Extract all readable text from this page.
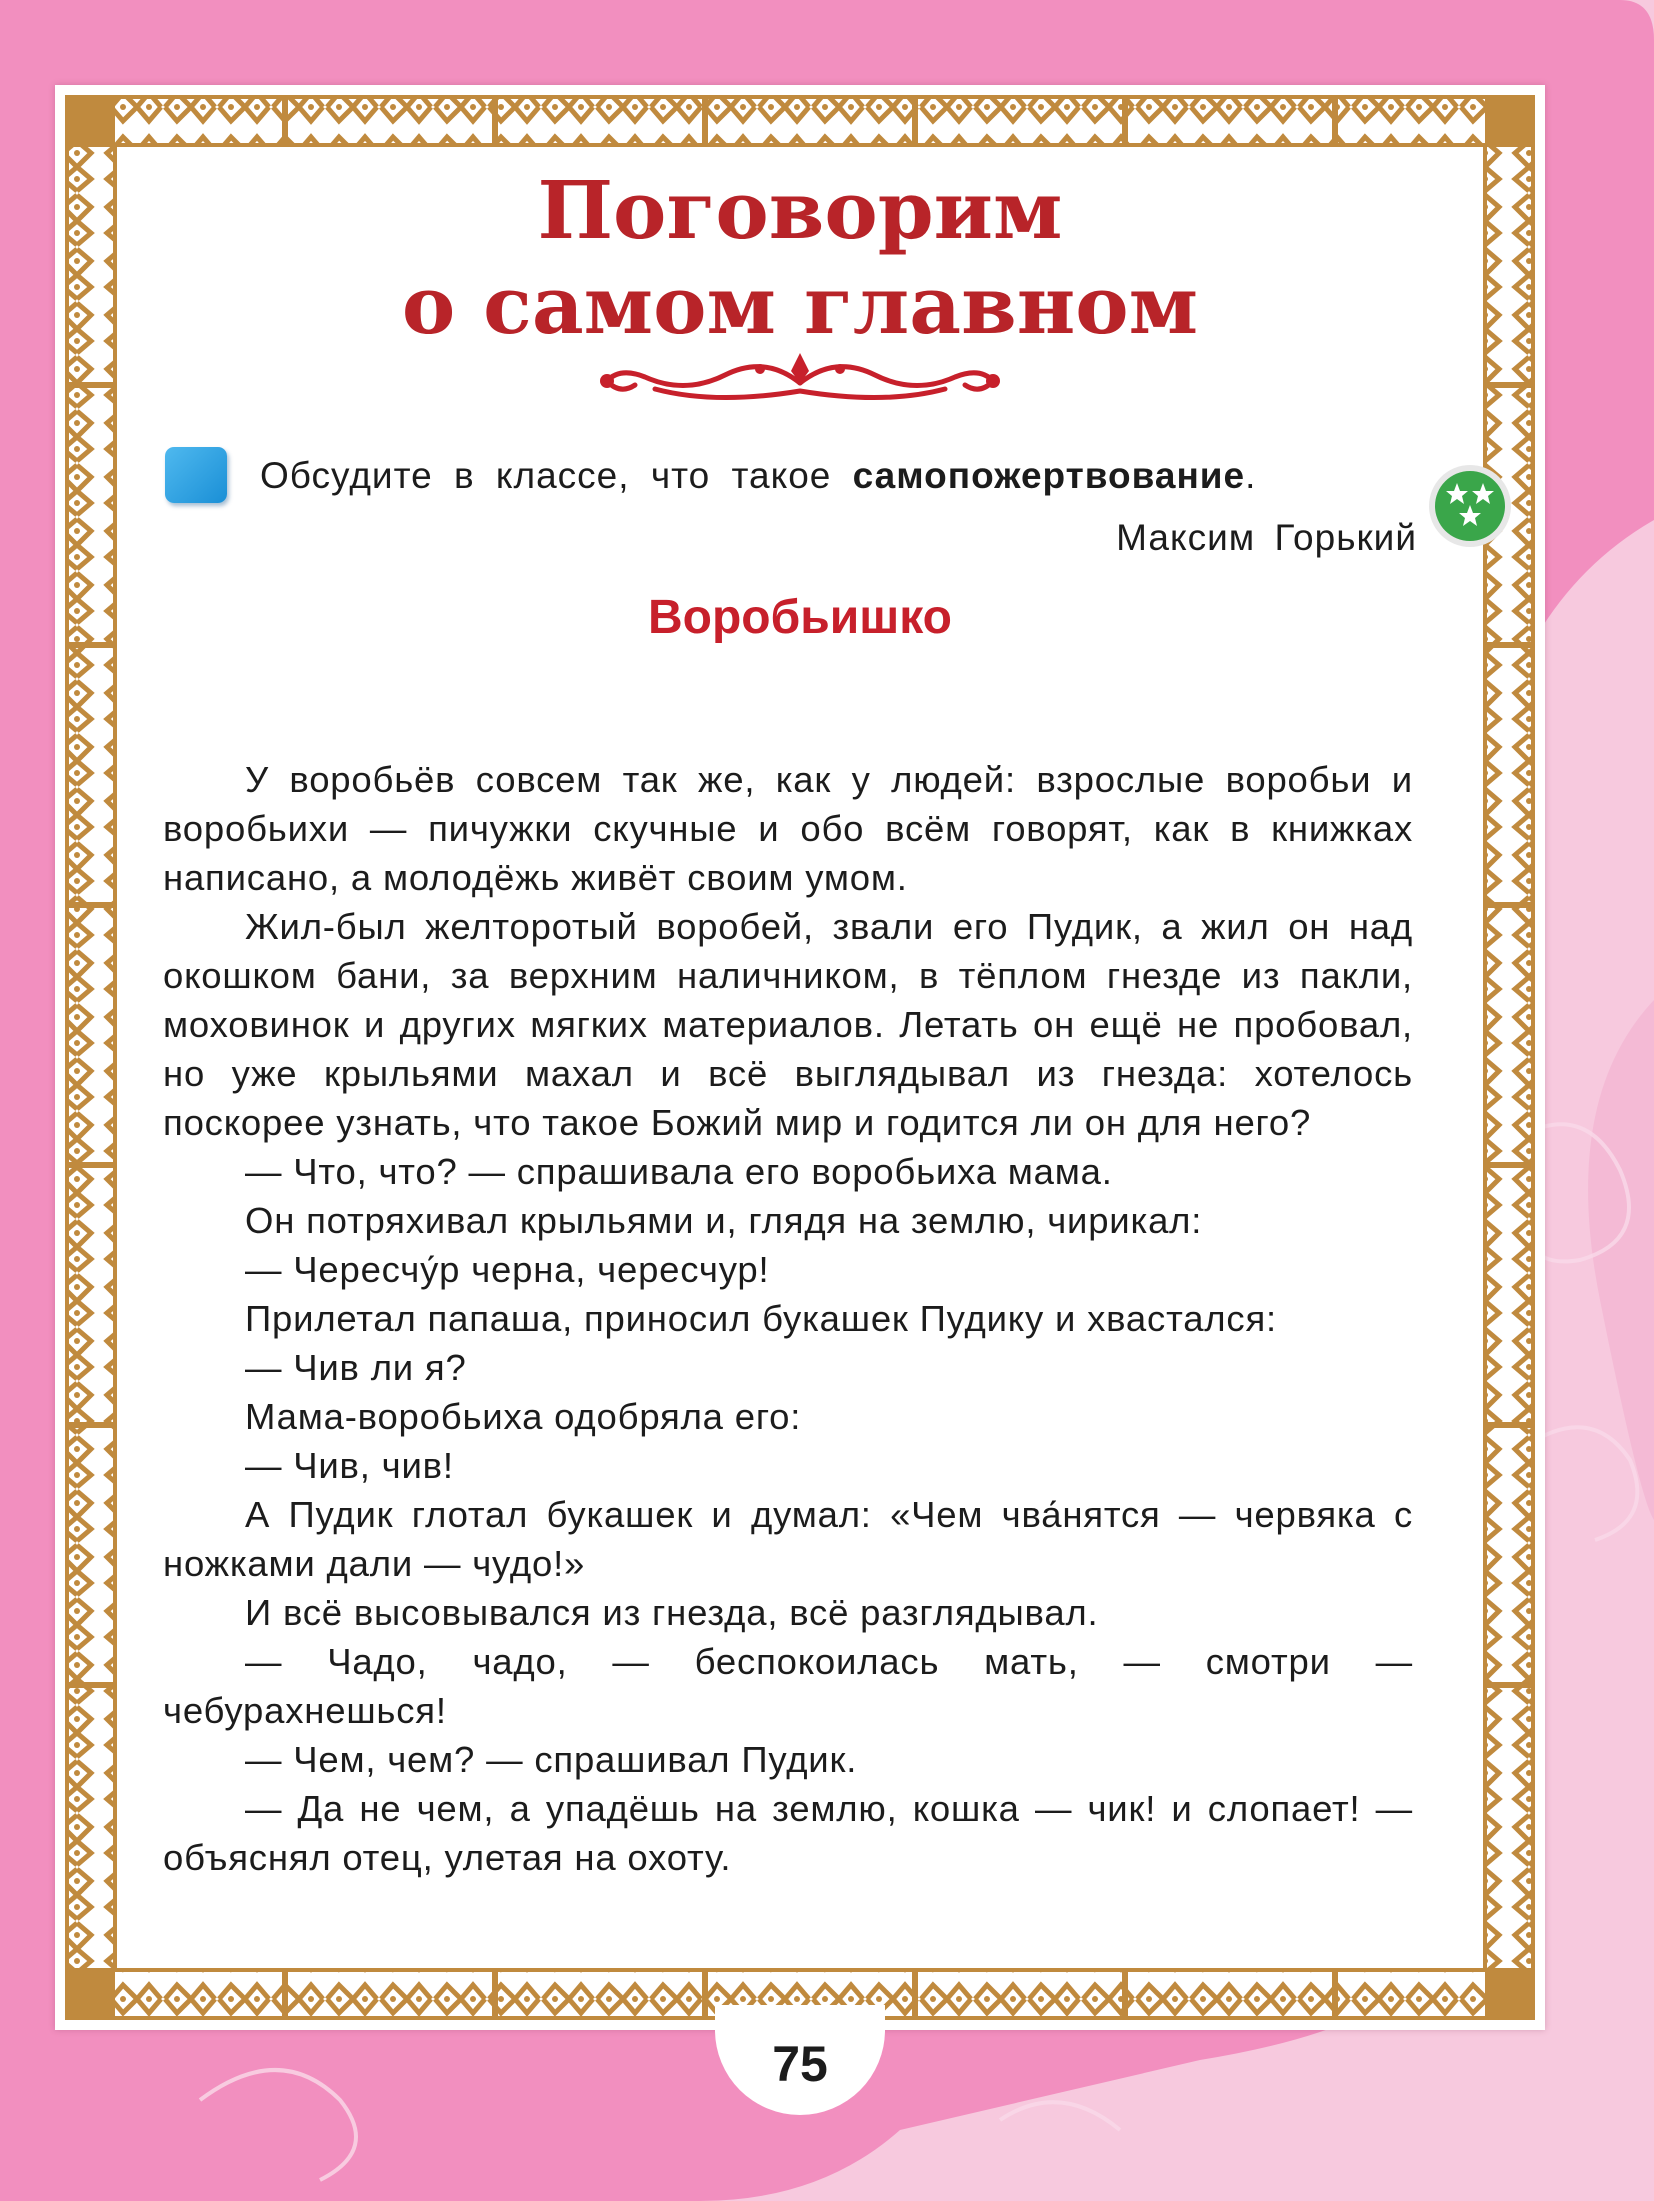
Поговорим
о самом главном
Обсудите в классе, что такое самопожертвование.
Максим Горький
Воробьишко

У воробьёв совсем так же, как у людей: взрослые воробьи и воробьихи — пичужки скучные и обо всём говорят, как в книжках написано, а молодёжь живёт своим умом.

Жил-был желторотый воробей, звали его Пудик, а жил он над окошком бани, за верхним наличником, в тёплом гнезде из пакли, моховинок и других мягких материалов. Летать он ещё не пробовал, но уже крыльями махал и всё выглядывал из гнезда: хотелось поскорее узнать, что такое Божий мир и годится ли он для него?

— Что, что? — спрашивала его воробьиха мама.

Он потряхивал крыльями и, глядя на землю, чирикал:

— Чересчу́р черна, чересчур!

Прилетал папаша, приносил букашек Пудику и хвастался:

— Чив ли я?

Мама-воробьиха одобряла его:

— Чив, чив!

А Пудик глотал букашек и думал: «Чем чва́нятся — червяка с ножками дали — чудо!»

И всё высовывался из гнезда, всё разглядывал.

— Чадо, чадо, — беспокоилась мать, — смотри — чебурахнешься!

— Чем, чем? — спрашивал Пудик.

— Да не чем, а упадёшь на землю, кошка — чик! и слопает! — объяснял отец, улетая на охоту.

75
